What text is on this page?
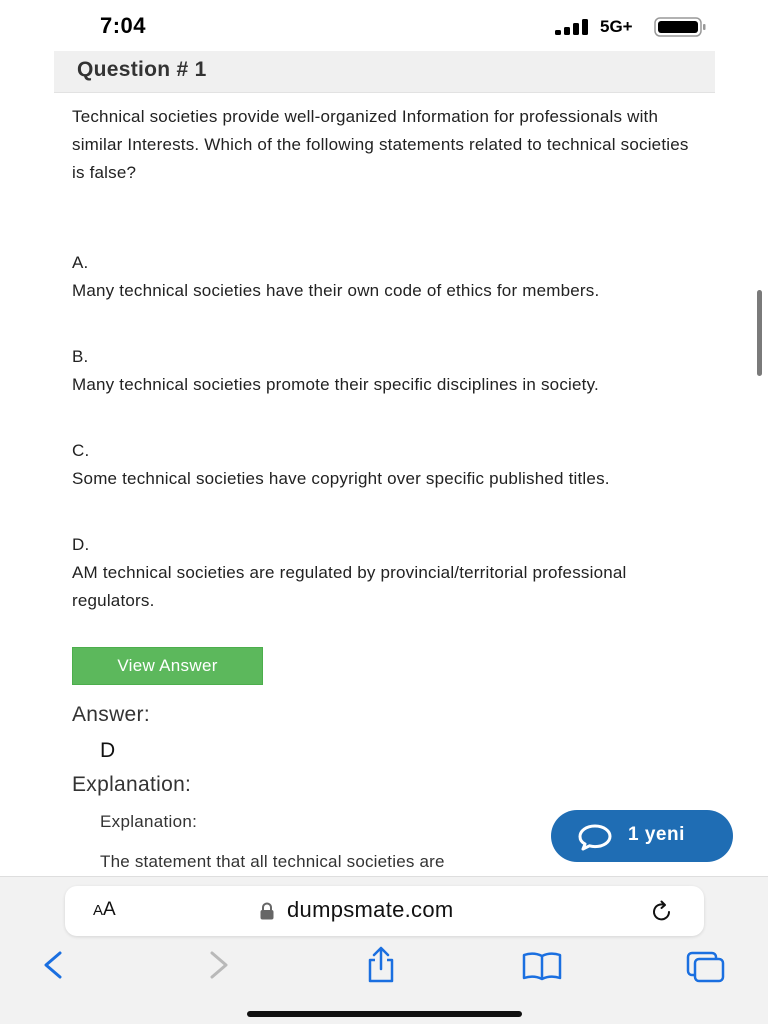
7:04	5G+
Question # 1
Technical societies provide well-organized Information for professionals with similar Interests. Which of the following statements related to technical societies is false?
A.
Many technical societies have their own code of ethics for members.
B.
Many technical societies promote their specific disciplines in society.
C.
Some technical societies have copyright over specific published titles.
D.
AM technical societies are regulated by provincial/territorial professional regulators.
View Answer
Answer:
D
Explanation:
Explanation:
The statement that all technical societies are
1 yeni
AA	dumpsmate.com
